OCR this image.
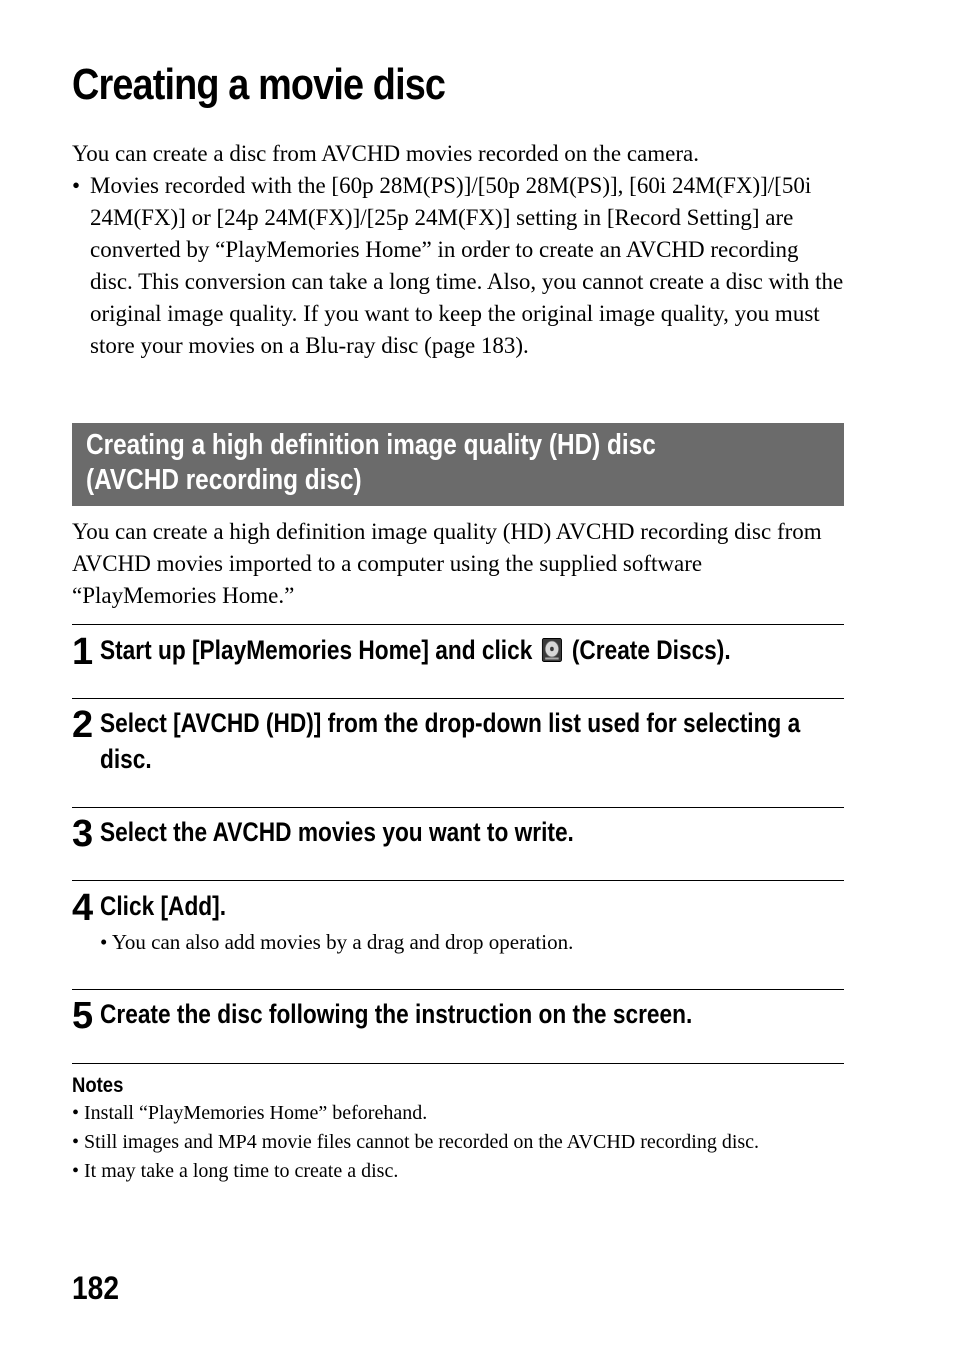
Creating a movie disc

You can create a disc from AVCHD movies recorded on the camera.

• Movies recorded with the [60p 28M(PS)]/[50p 28M(PS)], [60i 24M(FX)]/[50i 24M(FX)] or [24p 24M(FX)]/[25p 24M(FX)] setting in [Record Setting] are converted by “PlayMemories Home” in order to create an AVCHD recording disc. This conversion can take a long time. Also, you cannot create a disc with the original image quality. If you want to keep the original image quality, you must store your movies on a Blu-ray disc (page 183).
Creating a high definition image quality (HD) disc
(AVCHD recording disc)

You can create a high definition image quality (HD) AVCHD recording disc from AVCHD movies imported to a computer using the supplied software “PlayMemories Home.”

1 Start up [PlayMemories Home] and click (Create Discs).
2 Select [AVCHD (HD)] from the drop-down list used for selecting a disc.
3 Select the AVCHD movies you want to write.
4 Click [Add].
• You can also add movies by a drag and drop operation.
5 Create the disc following the instruction on the screen.
Notes
• Install “PlayMemories Home” beforehand.
• Still images and MP4 movie files cannot be recorded on the AVCHD recording disc.
• It may take a long time to create a disc.
182
